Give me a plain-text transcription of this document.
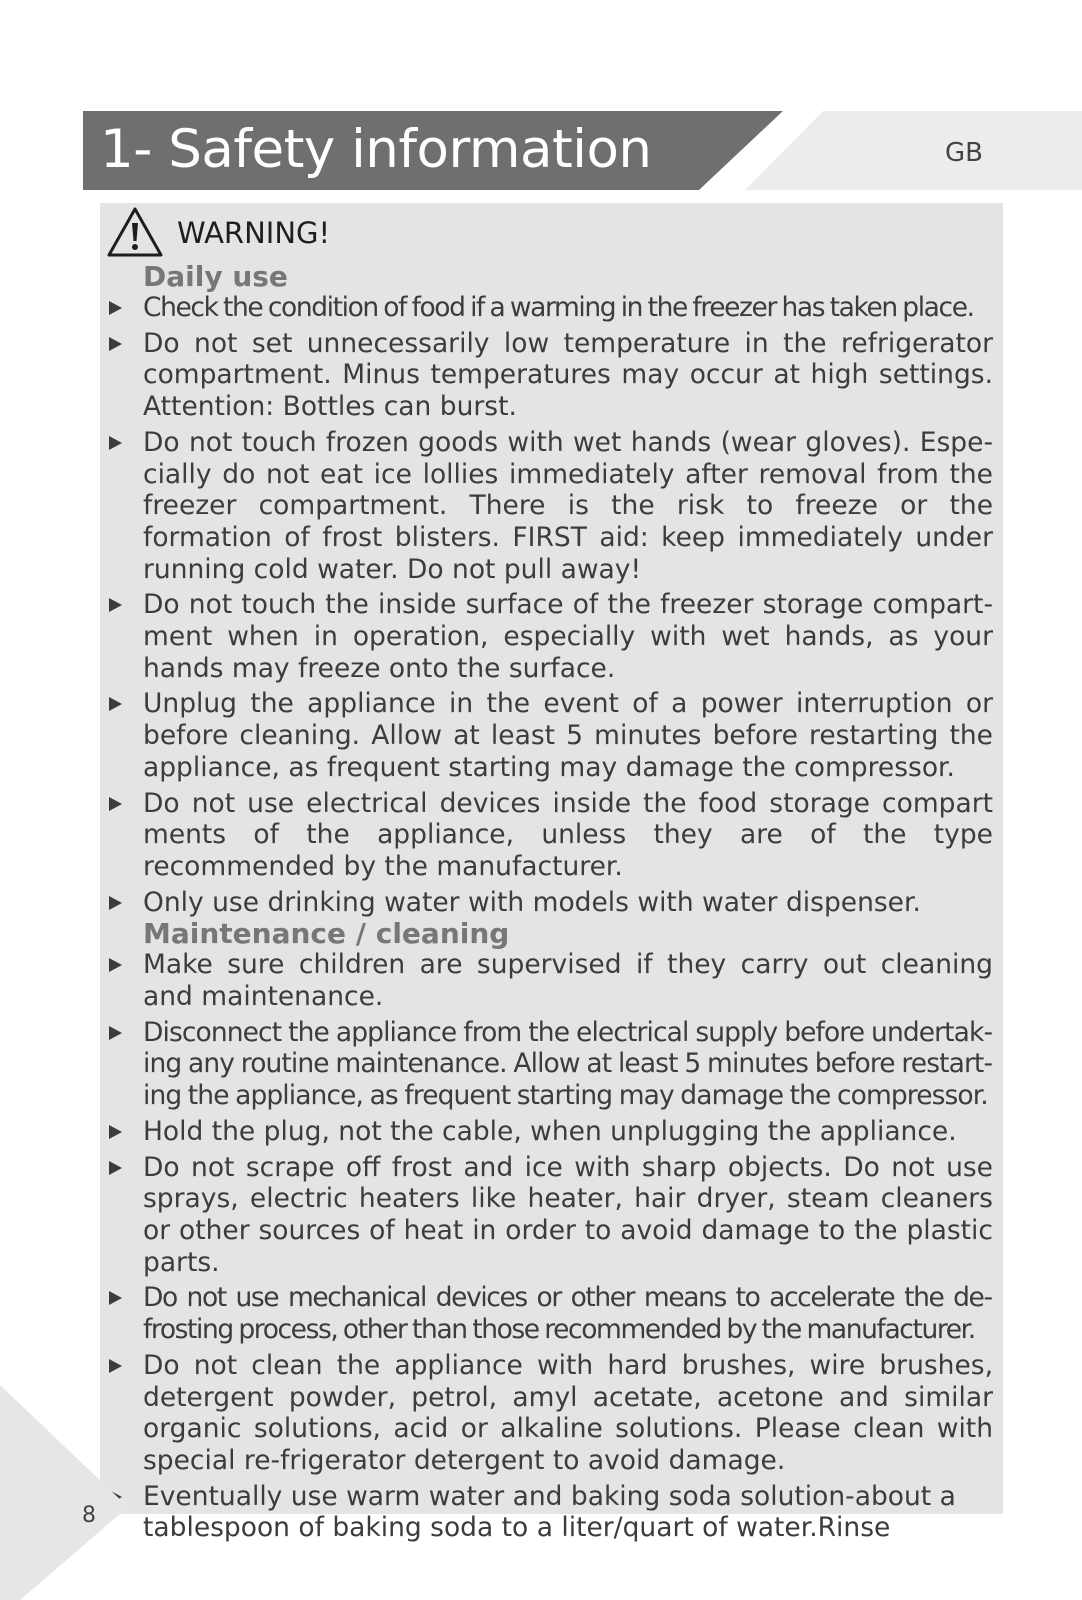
1- Safety information	GB
WARNING!
Daily use
Check the condition of food if a warming in the freezer has taken place.
Do not set unnecessarily low temperature in the refrigerator compartment. Minus temperatures may occur at high settings. Attention: Bottles can burst.
Do not touch frozen goods with wet hands (wear gloves). Especially do not eat ice lollies immediately after removal from the freezer compartment. There is the risk to freeze or the formation of frost blisters. FIRST aid: keep immediately under running cold water. Do not pull away!
Do not touch the inside surface of the freezer storage compartment when in operation, especially with wet hands, as your hands may freeze onto the surface.
Unplug the appliance in the event of a power interruption or before cleaning. Allow at least 5 minutes before restarting the appliance, as frequent starting may damage the compressor.
Do not use electrical devices inside the food storage compart ments of the appliance, unless they are of the type recommended by the manufacturer.
Only use drinking water with models with water dispenser.
Maintenance / cleaning
Make sure children are supervised if they carry out cleaning and maintenance.
Disconnect the appliance from the electrical supply before undertaking any routine maintenance. Allow at least 5 minutes before restarting the appliance, as frequent starting may damage the compressor.
Hold the plug, not the cable, when unplugging the appliance.
Do not scrape off frost and ice with sharp objects. Do not use sprays, electric heaters like heater, hair dryer, steam cleaners or other sources of heat in order to avoid damage to the plastic parts.
Do not use mechanical devices or other means to accelerate the defrosting process, other than those recommended by the manufacturer.
Do not clean the appliance with hard brushes, wire brushes, detergent powder, petrol, amyl acetate, acetone and similar organic solutions, acid or alkaline solutions. Please clean with special re-frigerator detergent to avoid damage.
Eventually use warm water and baking soda solution-about a tablespoon of baking soda to a liter/quart of water.Rinse
8
